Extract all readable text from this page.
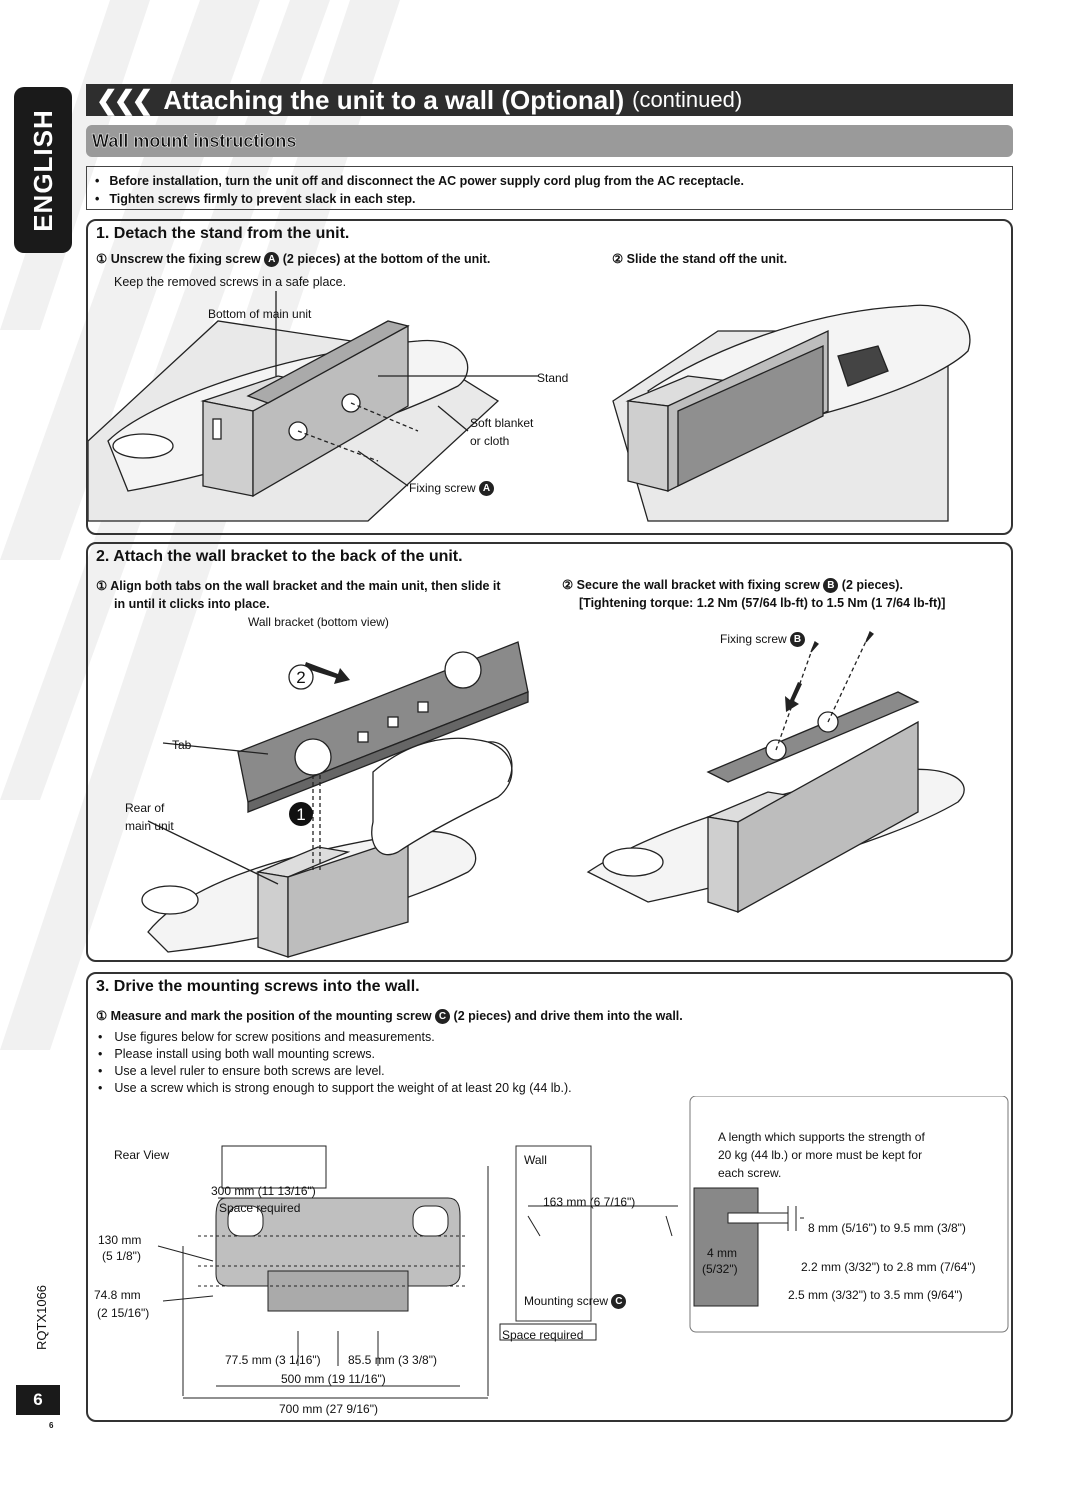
ENGLISH
RQTX1066
6
6
❮❮❮ Attaching the unit to a wall (Optional) (continued)
Wall mount instructions
• Before installation, turn the unit off and disconnect the AC power supply cord plug from the AC receptacle.
• Tighten screws firmly to prevent slack in each step.
1. Detach the stand from the unit.
① Unscrew the fixing screw A (2 pieces) at the bottom of the unit.
Keep the removed screws in a safe place.
② Slide the stand off the unit.
Bottom of main unit
Stand
Soft blanket
or cloth
Fixing screw A
2. Attach the wall bracket to the back of the unit.
① Align both tabs on the wall bracket and the main unit, then slide it
in until it clicks into place.
② Secure the wall bracket with fixing screw B (2 pieces).
[Tightening torque: 1.2 Nm (57/64 lb-ft) to 1.5 Nm (1 7/64 lb-ft)]
2
1
Wall bracket (bottom view)
Tab
Rear of
main unit
Fixing screw B
3. Drive the mounting screws into the wall.
① Measure and mark the position of the mounting screw C (2 pieces) and drive them into the wall.
• Use figures below for screw positions and measurements.
• Please install using both wall mounting screws.
• Use a level ruler to ensure both screws are level.
• Use a screw which is strong enough to support the weight of at least 20 kg (44 lb.).
Rear View
300 mm (11 13/16")
Space required
130 mm
(5 1/8")
74.8 mm
(2 15/16")
77.5 mm (3 1/16") 85.5 mm (3 3/8")
500 mm (19 11/16")
700 mm (27 9/16")
Wall
163 mm (6 7/16")
Mounting screw C
Space required
A length which supports the strength of
20 kg (44 lb.) or more must be kept for
each screw.
8 mm (5/16") to 9.5 mm (3/8")
4 mm
(5/32")	2.2 mm (3/32") to 2.8 mm (7/64")
2.5 mm (3/32") to 3.5 mm (9/64")
